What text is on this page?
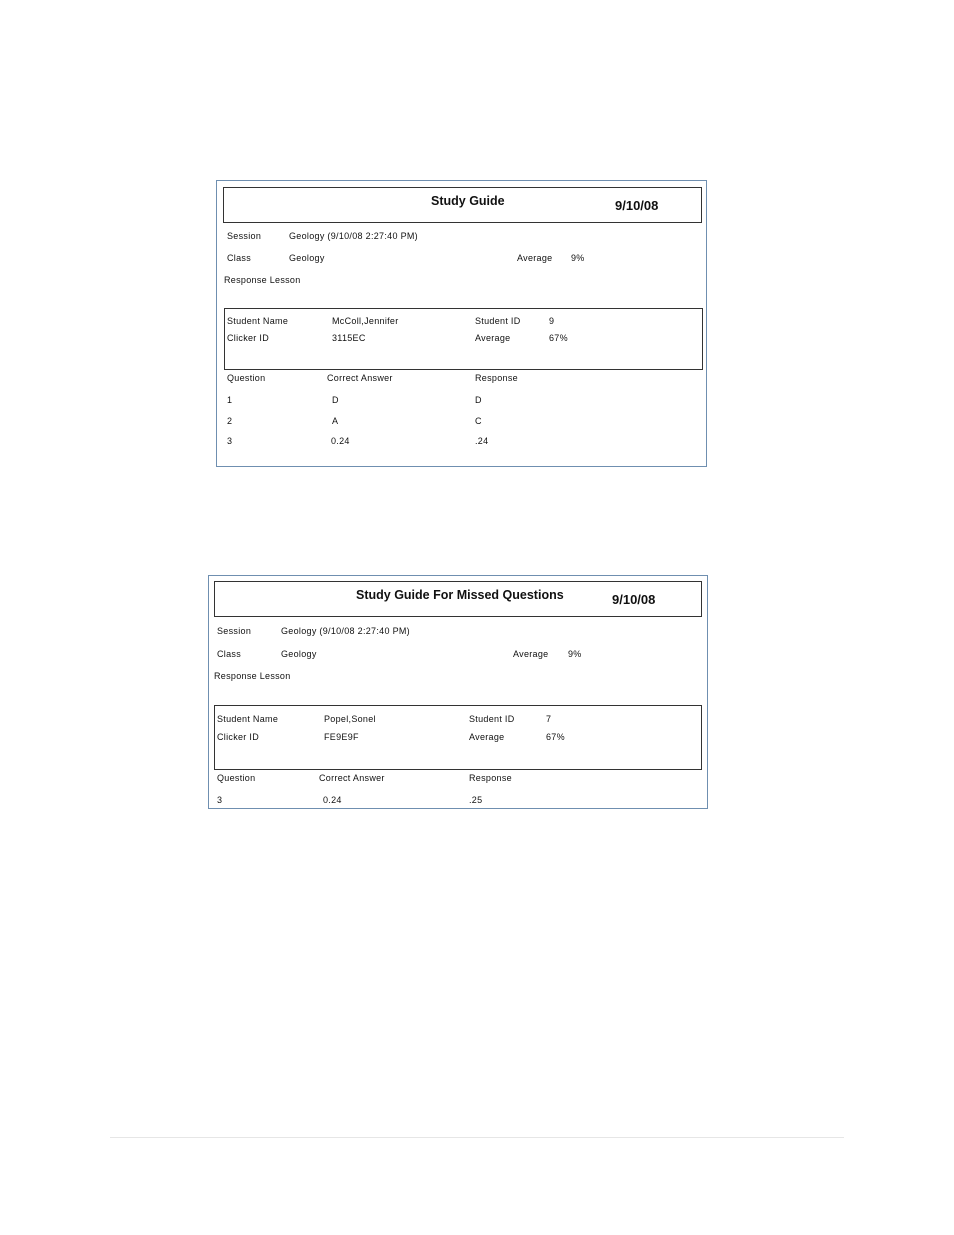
Study Guide	9/10/08
Session	Geology (9/10/08 2:27:40 PM)
Class	Geology	Average 9%
Response Lesson
Student Name	McColl,Jennifer	Student ID	9
Clicker ID	3115EC	Average	67%
Question	Correct Answer	Response
1	D	D
2	A	C
3	0.24	.24
Study Guide For Missed Questions	9/10/08
Session	Geology (9/10/08 2:27:40 PM)
Class	Geology	Average 9%
Response Lesson
Student Name	Popel,Sonel	Student ID	7
Clicker ID	FE9E9F	Average	67%
Question	Correct Answer	Response
3	0.24	.25
